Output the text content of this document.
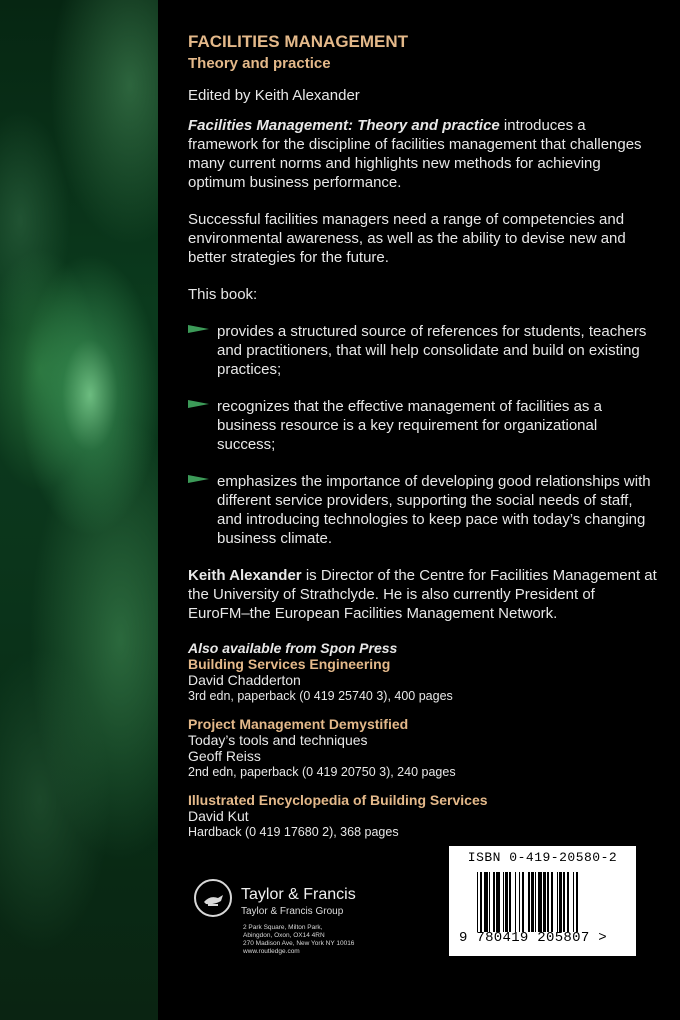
FACILITIES MANAGEMENT
Theory and practice
Edited by Keith Alexander
Facilities Management: Theory and practice introduces a framework for the discipline of facilities management that challenges many current norms and highlights new methods for achieving optimum business performance.
Successful facilities managers need a range of competencies and environmental awareness, as well as the ability to devise new and better strategies for the future.
This book:
provides a structured source of references for students, teachers and practitioners, that will help consolidate and build on existing practices;
recognizes that the effective management of facilities as a business resource is a key requirement for organizational success;
emphasizes the importance of developing good relationships with different service providers, supporting the social needs of staff, and introducing technologies to keep pace with today’s changing business climate.
Keith Alexander is Director of the Centre for Facilities Management at the University of Strathclyde. He is also currently President of EuroFM–the European Facilities Management Network.
Also available from Spon Press
Building Services Engineering
David Chadderton
3rd edn, paperback (0 419 25740 3), 400 pages
Project Management Demystified
Today’s tools and techniques
Geoff Reiss
2nd edn, paperback (0 419 20750 3), 240 pages
Illustrated Encyclopedia of Building Services
David Kut
Hardback (0 419 17680 2), 368 pages
Taylor & Francis
Taylor & Francis Group
2 Park Square, Milton Park,
Abingdon, Oxon, OX14 4RN
270 Madison Ave, New York NY 10016
www.routledge.com
ISBN 0-419-20580-2
9 780419 205807 >
